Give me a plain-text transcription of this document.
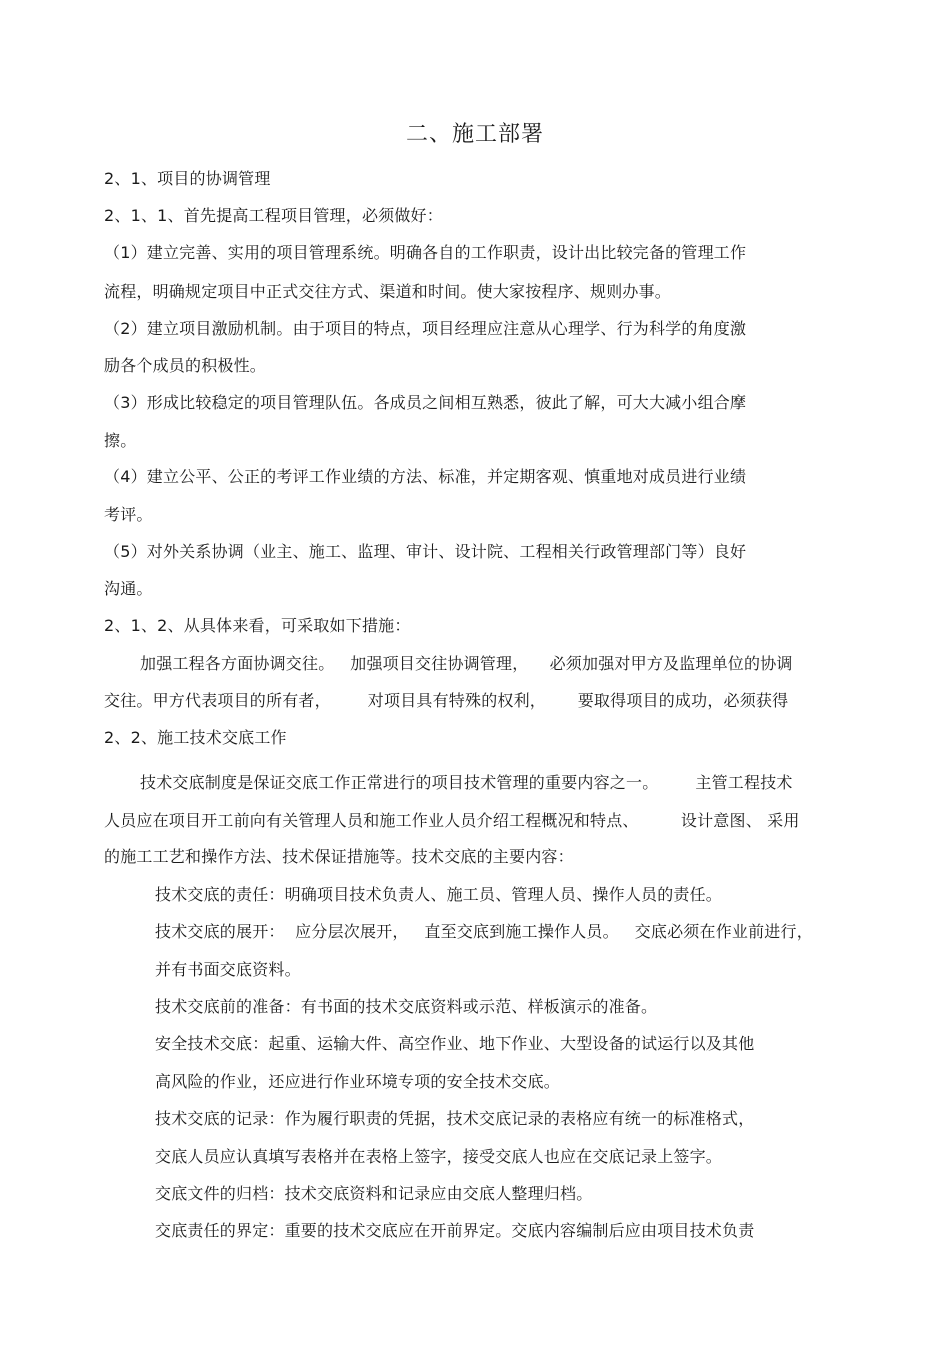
二、施工部署
2、1、项目的协调管理
2、1、1、首先提高工程项目管理，必须做好：
（1）建立完善、实用的项目管理系统。明确各自的工作职责，设计出比较完备的管理工作
流程，明确规定项目中正式交往方式、渠道和时间。使大家按程序、规则办事。
（2）建立项目激励机制。由于项目的特点，项目经理应注意从心理学、行为科学的角度激
励各个成员的积极性。
（3）形成比较稳定的项目管理队伍。各成员之间相互熟悉，彼此了解，可大大减小组合摩
擦。
（4）建立公平、公正的考评工作业绩的方法、标准，并定期客观、慎重地对成员进行业绩
考评。
（5）对外关系协调（业主、施工、监理、审计、设计院、工程相关行政管理部门等）良好
沟通。
2、1、2、从具体来看，可采取如下措施：
加强工程各方面协调交往。   加强项目交往协调管理，    必须加强对甲方及监理单位的协调
交往。甲方代表项目的所有者，       对项目具有特殊的权利，      要取得项目的成功，必须获得
2、2、施工技术交底工作
技术交底制度是保证交底工作正常进行的项目技术管理的重要内容之一。       主管工程技术
人员应在项目开工前向有关管理人员和施工作业人员介绍工程概况和特点、        设计意图、 采用
的施工工艺和操作方法、技术保证措施等。技术交底的主要内容：
技术交底的责任：明确项目技术负责人、施工员、管理人员、操作人员的责任。
技术交底的展开：  应分层次展开，   直至交底到施工操作人员。   交底必须在作业前进行，
并有书面交底资料。
技术交底前的准备：有书面的技术交底资料或示范、样板演示的准备。
安全技术交底：起重、运输大件、高空作业、地下作业、大型设备的试运行以及其他
高风险的作业，还应进行作业环境专项的安全技术交底。
技术交底的记录：作为履行职责的凭据，技术交底记录的表格应有统一的标准格式，
交底人员应认真填写表格并在表格上签字，接受交底人也应在交底记录上签字。
交底文件的归档：技术交底资料和记录应由交底人整理归档。
交底责任的界定：重要的技术交底应在开前界定。交底内容编制后应由项目技术负责
